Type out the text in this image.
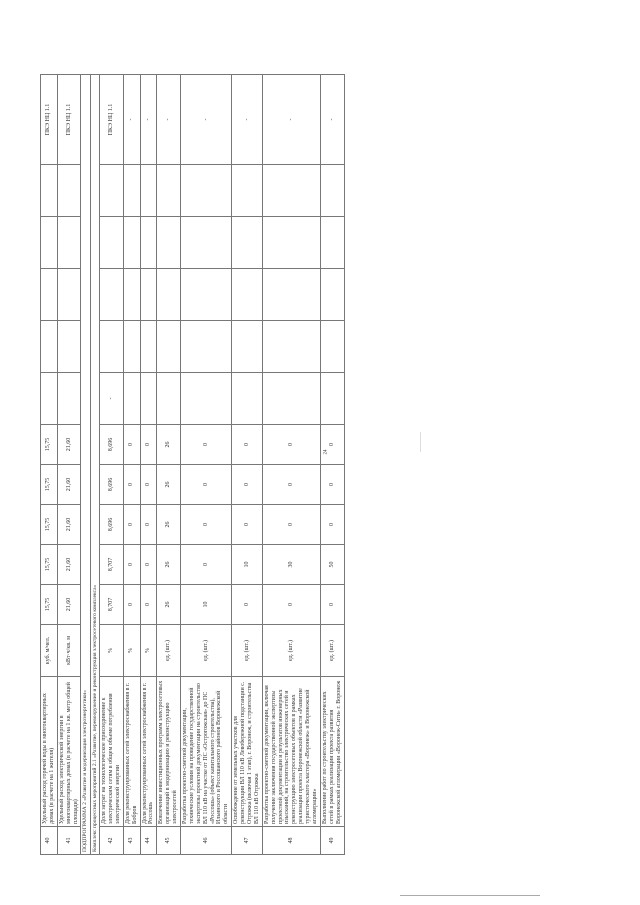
24
40	Удельный расход горячей воды в многоквартирных домах (в расчете на 1 жителя)	куб. м/чел.	15,75	15,75	15,75	15,75	15,75						ПКЭ НЦ 1.1
41	Удельный расход электрической энергии в многоквартирных домах (в расчете на 1 кв. метр общей площади)	кВт·ч/кв. м	21,60	21,60	21,60	21,60	21,60						ПКЭ НЦ 1.1
ПОДПРОГРАММА 2 «Развитие и модернизация электроэнергетики»													
Комплекс процессных мероприятий 2.1 «Развитие, перевооружение и реконструкция электросетевого комплекса»													
42	Доля затрат на технологическое присоединение к электрическим сетям в общем объеме потребления электрической энергии	%	8,707	8,707	8,696	8,696	8,696	-					ПКЭ НЦ 1.1
43	Доля реконструированных сетей электроснабжения в г. Бобров	%	0	0	0	0	0						-
44	Доля реконструированных сетей электроснабжения в г. Россошь	%	0	0	0	0	0						-
45	Вовлечение инвестиционных программ электросетевых организаций в модернизацию и реконструкцию электросетей	ед. (шт.)	26	26	26	26	26						-
46	Разработка проектно-сметной документации, технические условия на проведение государственной экспертизы проектной документации на строительство ВЛ 110 кВ на участке от ПС «Острогожская» до ПС «Россошь» (объект капитального строительства), Ильинского и Россошанского районов Воронежской области	ед. (шт.)	10	0	0	0	0						-
47	Освобождение от земельных участков для реконструкции ВЛ 110 кВ Левобережной подстанции с. Отрожка (включая 1 этап), г. Воронеж, и строительства ВЛ 110 кВ Отрожка	ед. (шт.)	0	10	0	0	0						-
48	Разработка проектно-сметной документации, включая получение заключения государственной экспертизы проектной документации и результатов инженерных изысканий, на строительство электрических сетей и реконструкцию электросетевых объектов в рамках реализации проекта Воронежской области «Развитие туристического кластера «Воронеж» и Воронежской агломерации»	ед. (шт.)	0	30	0	0	0						-
49	Выполнение работ по строительству электрических сетей в рамках реализации проекта развития Воронежской агломерации «Воронеж-Сити» г. Воронеж	ед. (шт.)	0	50	0	0	0						-
